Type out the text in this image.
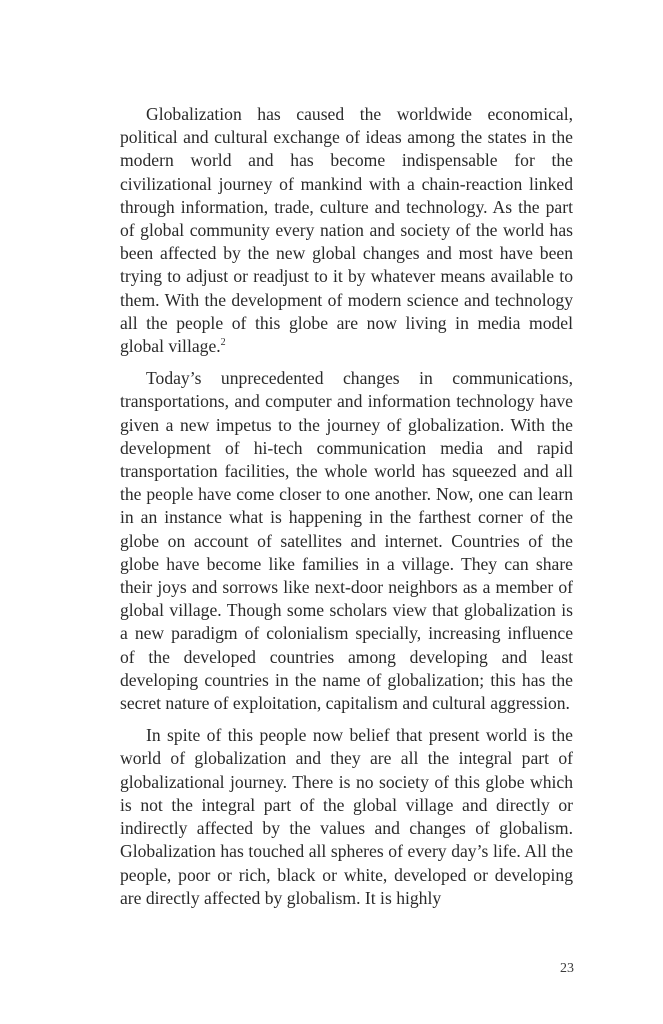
Globalization has caused the worldwide economical, political and cultural exchange of ideas among the states in the modern world and has become indispensable for the civilizational journey of mankind with a chain-reaction linked through information, trade, culture and technology. As the part of global community every nation and society of the world has been affected by the new global changes and most have been trying to adjust or readjust to it by whatever means available to them. With the development of modern science and technology all the people of this globe are now living in media model global village.$^2$

Today’s unprecedented changes in communications, transportations, and computer and information technology have given a new impetus to the journey of globalization. With the development of hi-tech communication media and rapid transportation facilities, the whole world has squeezed and all the people have come closer to one another. Now, one can learn in an instance what is happening in the farthest corner of the globe on account of satellites and internet. Countries of the globe have become like families in a village. They can share their joys and sorrows like next-door neighbors as a member of global village. Though some scholars view that globalization is a new paradigm of colonialism specially, increasing influence of the developed countries among developing and least developing countries in the name of globalization; this has the secret nature of exploitation, capitalism and cultural aggression.

In spite of this people now belief that present world is the world of globalization and they are all the integral part of globalizational journey. There is no society of this globe which is not the integral part of the global village and directly or indirectly affected by the values and changes of globalism. Globalization has touched all spheres of every day’s life. All the people, poor or rich, black or white, developed or developing are directly affected by globalism. It is highly

23
